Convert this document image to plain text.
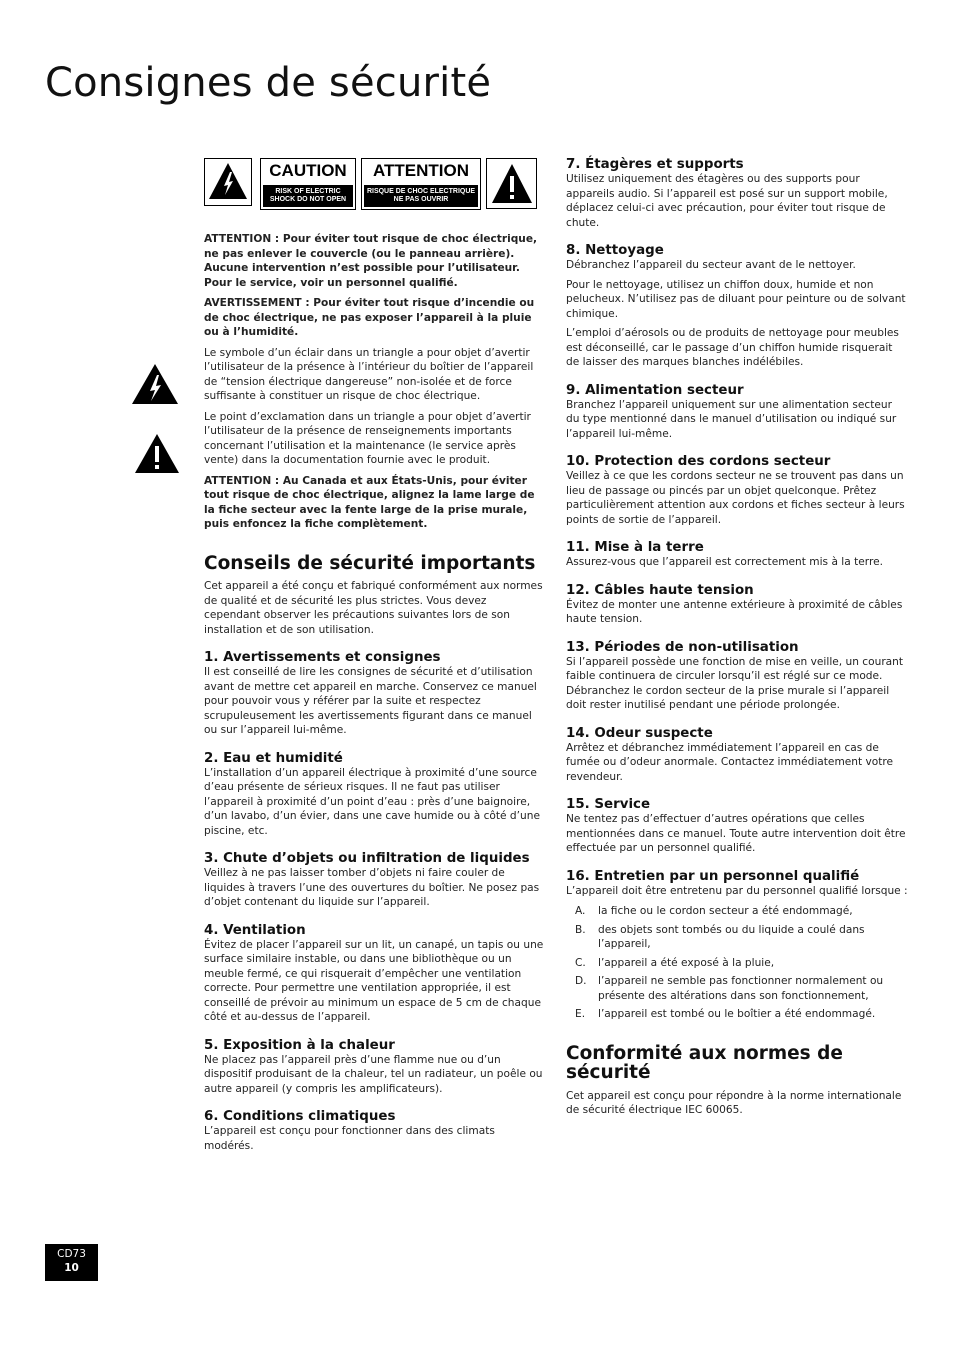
Consignes de sécurité
CAUTION
RISK OF ELECTRIC SHOCK DO NOT OPEN
ATTENTION
RISQUE DE CHOC ELECTRIQUE NE PAS OUVRIR

ATTENTION : Pour éviter tout risque de choc électrique, ne pas enlever le couvercle (ou le panneau arrière). Aucune intervention n’est possible pour l’utilisateur. Pour le service, voir un personnel qualifié.

AVERTISSEMENT : Pour éviter tout risque d’incendie ou de choc électrique, ne pas exposer l’appareil à la pluie ou à l’humidité.

Le symbole d’un éclair dans un triangle a pour objet d’avertir l’utilisateur de la présence à l’intérieur du boîtier de l’appareil de “tension électrique dangereuse” non-isolée et de force suffisante à constituer un risque de choc électrique.

Le point d’exclamation dans un triangle a pour objet d’avertir l’utilisateur de la présence de renseignements importants concernant l’utilisation et la maintenance (le service après vente) dans la documentation fournie avec le produit.

ATTENTION : Au Canada et aux États-Unis, pour éviter tout risque de choc électrique, alignez la lame large de la fiche secteur avec la fente large de la prise murale, puis enfoncez la fiche complètement.

Conseils de sécurité importants

Cet appareil a été conçu et fabriqué conformément aux normes de qualité et de sécurité les plus strictes. Vous devez cependant observer les précautions suivantes lors de son installation et de son utilisation.

1. Avertissements et consignes

Il est conseillé de lire les consignes de sécurité et d’utilisation avant de mettre cet appareil en marche. Conservez ce manuel pour pouvoir vous y référer par la suite et respectez scrupuleusement les avertissements figurant dans ce manuel ou sur l’appareil lui-même.

2. Eau et humidité

L’installation d’un appareil électrique à proximité d’une source d’eau présente de sérieux risques. Il ne faut pas utiliser l’appareil à proximité d’un point d’eau : près d’une baignoire, d’un lavabo, d’un évier, dans une cave humide ou à côté d’une piscine, etc.

3. Chute d’objets ou infiltration de liquides

Veillez à ne pas laisser tomber d’objets ni faire couler de liquides à travers l’une des ouvertures du boîtier. Ne posez pas d’objet contenant du liquide sur l’appareil.

4. Ventilation

Évitez de placer l’appareil sur un lit, un canapé, un tapis ou une surface similaire instable, ou dans une bibliothèque ou un meuble fermé, ce qui risquerait d’empêcher une ventilation correcte. Pour permettre une ventilation appropriée, il est conseillé de prévoir au minimum un espace de 5 cm de chaque côté et au-dessus de l’appareil.

5. Exposition à la chaleur

Ne placez pas l’appareil près d’une flamme nue ou d’un dispositif produisant de la chaleur, tel un radiateur, un poêle ou autre appareil (y compris les amplificateurs).

6. Conditions climatiques

L’appareil est conçu pour fonctionner dans des climats modérés.

7. Étagères et supports

Utilisez uniquement des étagères ou des supports pour appareils audio. Si l’appareil est posé sur un support mobile, déplacez celui-ci avec précaution, pour éviter tout risque de chute.

8. Nettoyage

Débranchez l’appareil du secteur avant de le nettoyer.

Pour le nettoyage, utilisez un chiffon doux, humide et non pelucheux. N’utilisez pas de diluant pour peinture ou de solvant chimique.

L’emploi d’aérosols ou de produits de nettoyage pour meubles est déconseillé, car le passage d’un chiffon humide risquerait de laisser des marques blanches indélébiles.

9. Alimentation secteur

Branchez l’appareil uniquement sur une alimentation secteur du type mentionné dans le manuel d’utilisation ou indiqué sur l’appareil lui-même.

10. Protection des cordons secteur

Veillez à ce que les cordons secteur ne se trouvent pas dans un lieu de passage ou pincés par un objet quelconque. Prêtez particulièrement attention aux cordons et fiches secteur à leurs points de sortie de l’appareil.

11. Mise à la terre

Assurez-vous que l’appareil est correctement mis à la terre.

12. Câbles haute tension

Évitez de monter une antenne extérieure à proximité de câbles haute tension.

13. Périodes de non-utilisation

Si l’appareil possède une fonction de mise en veille, un courant faible continuera de circuler lorsqu’il est réglé sur ce mode. Débranchez le cordon secteur de la prise murale si l’appareil doit rester inutilisé pendant une période prolongée.

14. Odeur suspecte

Arrêtez et débranchez immédiatement l’appareil en cas de fumée ou d’odeur anormale. Contactez immédiatement votre revendeur.

15. Service

Ne tentez pas d’effectuer d’autres opérations que celles mentionnées dans ce manuel. Toute autre intervention doit être effectuée par un personnel qualifié.

16. Entretien par un personnel qualifié

L’appareil doit être entretenu par du personnel qualifié lorsque :

A.	la fiche ou le cordon secteur a été endommagé,
B.	des objets sont tombés ou du liquide a coulé dans l’appareil,
C.	l’appareil a été exposé à la pluie,
D.	l’appareil ne semble pas fonctionner normalement ou présente des altérations dans son fonctionnement,
E.	l’appareil est tombé ou le boîtier a été endommagé.
Conformité aux normes de sécurité

Cet appareil est conçu pour répondre à la norme internationale de sécurité électrique IEC 60065.

CD73
10
